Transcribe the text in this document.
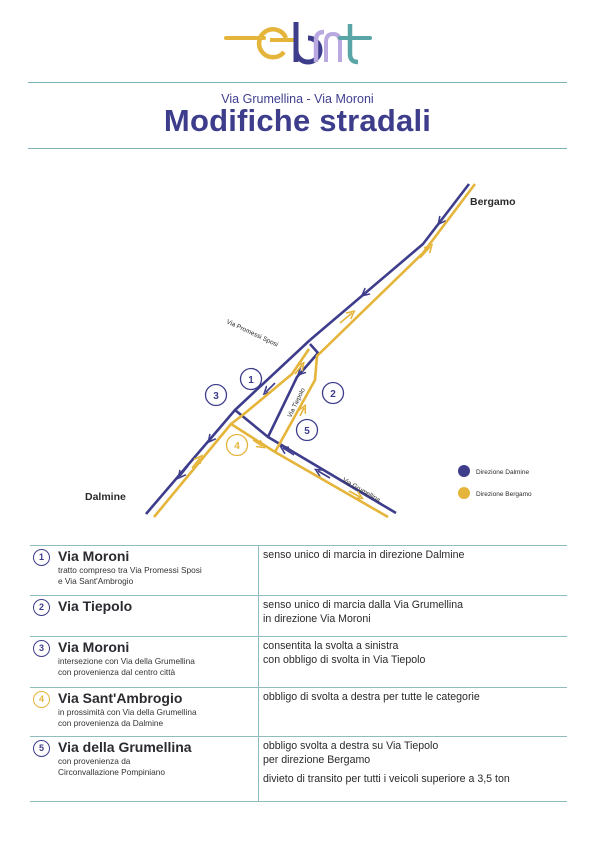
Via Grumellina - Via Moroni
Modifiche stradali
Bergamo
Dalmine
Via Promessi Sposi
Via Tiepolo
Via Grumellina
1
2
3
4
5
Direzione Dalmine
Direzione Bergamo
1	Via Moroni
tratto compreso tra Via Promessi Sposi
e Via Sant'Ambrogio
senso unico di marcia in direzione Dalmine
2	Via Tiepolo	senso unico di marcia dalla Via Grumellina
in direzione Via Moroni
3	Via Moroni
intersezione con Via della Grumellina
con provenienza dal centro città
consentita la svolta a sinistra
con obbligo di svolta in Via Tiepolo
4	Via Sant'Ambrogio
in prossimità con Via della Grumellina
con provenienza da Dalmine
obbligo di svolta a destra per tutte le categorie
5	Via della Grumellina
con provenienza da
Circonvallazione Pompiniano
obbligo svolta a destra su Via Tiepolo
per direzione Bergamo
divieto di transito per tutti i veicoli superiore a 3,5 ton
